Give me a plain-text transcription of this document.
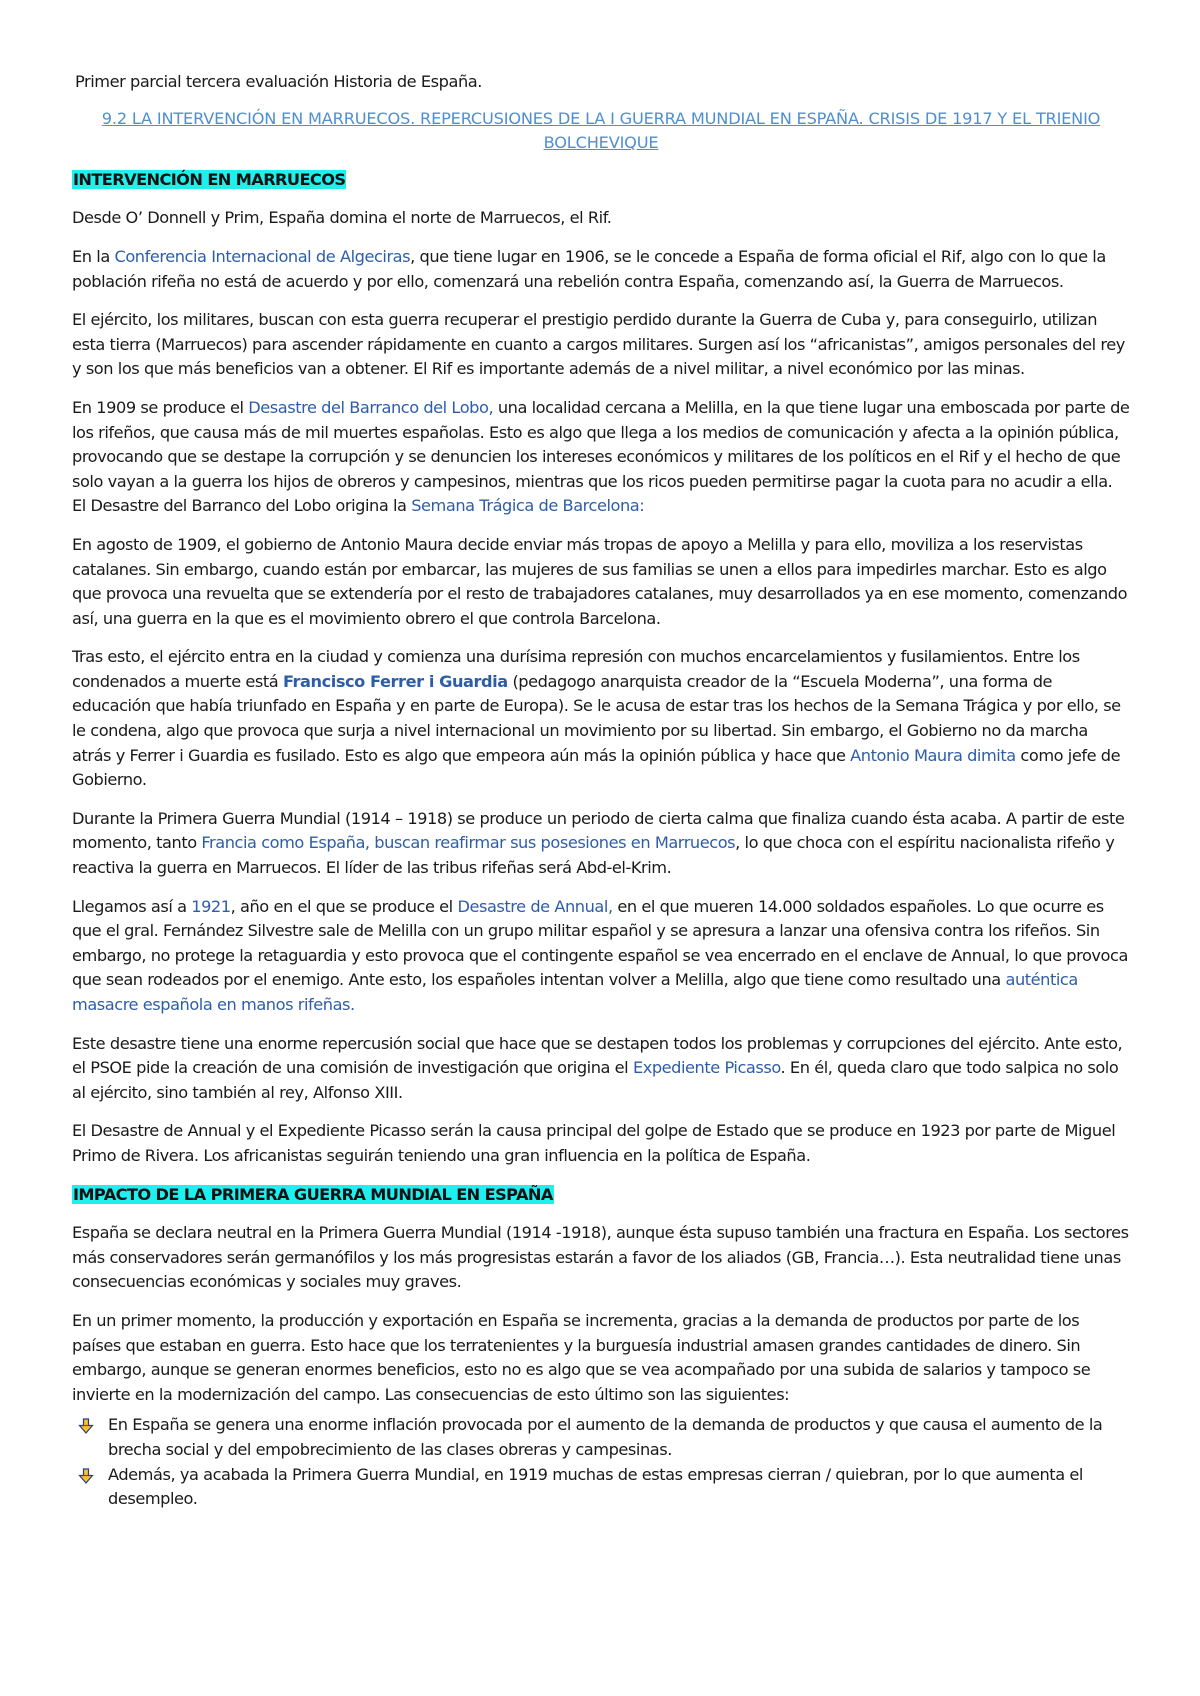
Primer parcial tercera evaluación Historia de España.

9.2 LA INTERVENCIÓN EN MARRUECOS. REPERCUSIONES DE LA I GUERRA MUNDIAL EN ESPAÑA. CRISIS DE 1917 Y EL TRIENIO BOLCHEVIQUE

INTERVENCIÓN EN MARRUECOS

Desde O’ Donnell y Prim, España domina el norte de Marruecos, el Rif.

En la Conferencia Internacional de Algeciras, que tiene lugar en 1906, se le concede a España de forma oficial el Rif, algo con lo que la población rifeña no está de acuerdo y por ello, comenzará una rebelión contra España, comenzando así, la Guerra de Marruecos.

El ejército, los militares, buscan con esta guerra recuperar el prestigio perdido durante la Guerra de Cuba y, para conseguirlo, utilizan esta tierra (Marruecos) para ascender rápidamente en cuanto a cargos militares. Surgen así los “africanistas”, amigos personales del rey y son los que más beneficios van a obtener. El Rif es importante además de a nivel militar, a nivel económico por las minas.

En 1909 se produce el Desastre del Barranco del Lobo, una localidad cercana a Melilla, en la que tiene lugar una emboscada por parte de los rifeños, que causa más de mil muertes españolas. Esto es algo que llega a los medios de comunicación y afecta a la opinión pública, provocando que se destape la corrupción y se denuncien los intereses económicos y militares de los políticos en el Rif y el hecho de que solo vayan a la guerra los hijos de obreros y campesinos, mientras que los ricos pueden permitirse pagar la cuota para no acudir a ella. El Desastre del Barranco del Lobo origina la Semana Trágica de Barcelona:

En agosto de 1909, el gobierno de Antonio Maura decide enviar más tropas de apoyo a Melilla y para ello, moviliza a los reservistas catalanes. Sin embargo, cuando están por embarcar, las mujeres de sus familias se unen a ellos para impedirles marchar. Esto es algo que provoca una revuelta que se extendería por el resto de trabajadores catalanes, muy desarrollados ya en ese momento, comenzando así, una guerra en la que es el movimiento obrero el que controla Barcelona.

Tras esto, el ejército entra en la ciudad y comienza una durísima represión con muchos encarcelamientos y fusilamientos. Entre los condenados a muerte está Francisco Ferrer i Guardia (pedagogo anarquista creador de la “Escuela Moderna”, una forma de educación que había triunfado en España y en parte de Europa). Se le acusa de estar tras los hechos de la Semana Trágica y por ello, se le condena, algo que provoca que surja a nivel internacional un movimiento por su libertad. Sin embargo, el Gobierno no da marcha atrás y Ferrer i Guardia es fusilado. Esto es algo que empeora aún más la opinión pública y hace que Antonio Maura dimita como jefe de Gobierno.

Durante la Primera Guerra Mundial (1914 – 1918) se produce un periodo de cierta calma que finaliza cuando ésta acaba. A partir de este momento, tanto Francia como España, buscan reafirmar sus posesiones en Marruecos, lo que choca con el espíritu nacionalista rifeño y reactiva la guerra en Marruecos. El líder de las tribus rifeñas será Abd-el-Krim.

Llegamos así a 1921, año en el que se produce el Desastre de Annual, en el que mueren 14.000 soldados españoles. Lo que ocurre es que el gral. Fernández Silvestre sale de Melilla con un grupo militar español y se apresura a lanzar una ofensiva contra los rifeños. Sin embargo, no protege la retaguardia y esto provoca que el contingente español se vea encerrado en el enclave de Annual, lo que provoca que sean rodeados por el enemigo. Ante esto, los españoles intentan volver a Melilla, algo que tiene como resultado una auténtica masacre española en manos rifeñas.

Este desastre tiene una enorme repercusión social que hace que se destapen todos los problemas y corrupciones del ejército. Ante esto, el PSOE pide la creación de una comisión de investigación que origina el Expediente Picasso. En él, queda claro que todo salpica no solo al ejército, sino también al rey, Alfonso XIII.

El Desastre de Annual y el Expediente Picasso serán la causa principal del golpe de Estado que se produce en 1923 por parte de Miguel Primo de Rivera. Los africanistas seguirán teniendo una gran influencia en la política de España.

IMPACTO DE LA PRIMERA GUERRA MUNDIAL EN ESPAÑA

España se declara neutral en la Primera Guerra Mundial (1914 -1918), aunque ésta supuso también una fractura en España. Los sectores más conservadores serán germanófilos y los más progresistas estarán a favor de los aliados (GB, Francia…). Esta neutralidad tiene unas consecuencias económicas y sociales muy graves.

En un primer momento, la producción y exportación en España se incrementa, gracias a la demanda de productos por parte de los países que estaban en guerra. Esto hace que los terratenientes y la burguesía industrial amasen grandes cantidades de dinero. Sin embargo, aunque se generan enormes beneficios, esto no es algo que se vea acompañado por una subida de salarios y tampoco se invierte en la modernización del campo. Las consecuencias de esto último son las siguientes:

En España se genera una enorme inflación provocada por el aumento de la demanda de productos y que causa el aumento de la brecha social y del empobrecimiento de las clases obreras y campesinas.
Además, ya acabada la Primera Guerra Mundial, en 1919 muchas de estas empresas cierran / quiebran, por lo que aumenta el desempleo.
